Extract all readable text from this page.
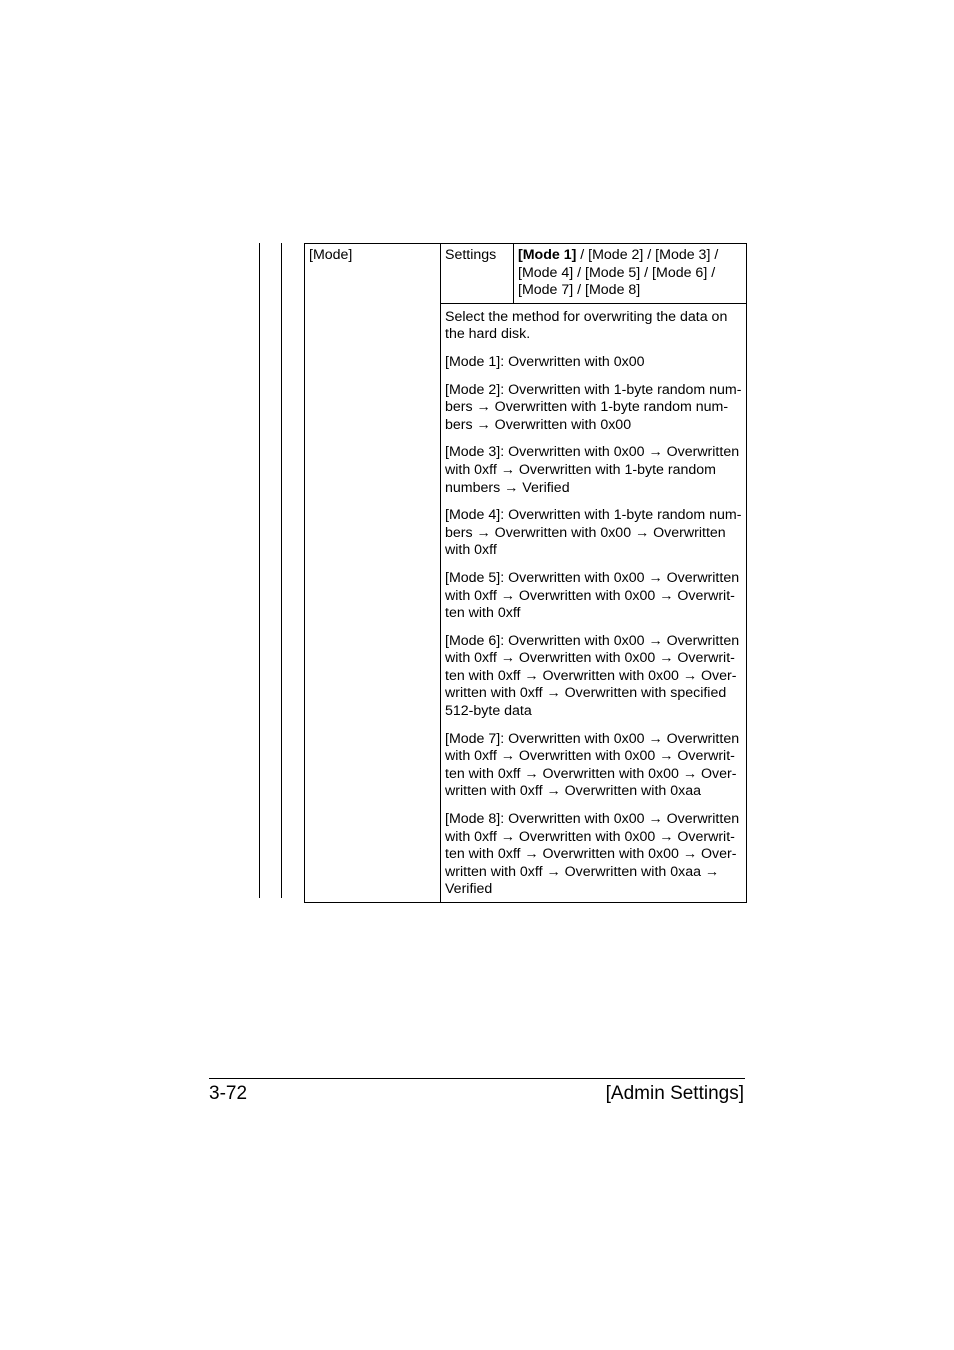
[Mode]	Settings	[Mode 1] / [Mode 2] / [Mode 3] / [Mode 4] / [Mode 5] / [Mode 6] / [Mode 7] / [Mode 8]

Select the method for overwriting the data on the hard disk.

[Mode 1]: Overwritten with 0x00

[Mode 2]: Overwritten with 1-byte random numbers → Overwritten with 1-byte random numbers → Overwritten with 0x00

[Mode 3]: Overwritten with 0x00 → Overwritten with 0xff → Overwritten with 1-byte random numbers → Verified

[Mode 4]: Overwritten with 1-byte random numbers → Overwritten with 0x00 → Overwritten with 0xff

[Mode 5]: Overwritten with 0x00 → Overwritten with 0xff → Overwritten with 0x00 → Overwritten with 0xff

[Mode 6]: Overwritten with 0x00 → Overwritten with 0xff → Overwritten with 0x00 → Overwritten with 0xff → Overwritten with 0x00 → Overwritten with 0xff → Overwritten with specified 512-byte data

[Mode 7]: Overwritten with 0x00 → Overwritten with 0xff → Overwritten with 0x00 → Overwritten with 0xff → Overwritten with 0x00 → Overwritten with 0xff → Overwritten with 0xaa

[Mode 8]: Overwritten with 0x00 → Overwritten with 0xff → Overwritten with 0x00 → Overwritten with 0xff → Overwritten with 0x00 → Overwritten with 0xff → Overwritten with 0xaa → Verified

3-72	[Admin Settings]
